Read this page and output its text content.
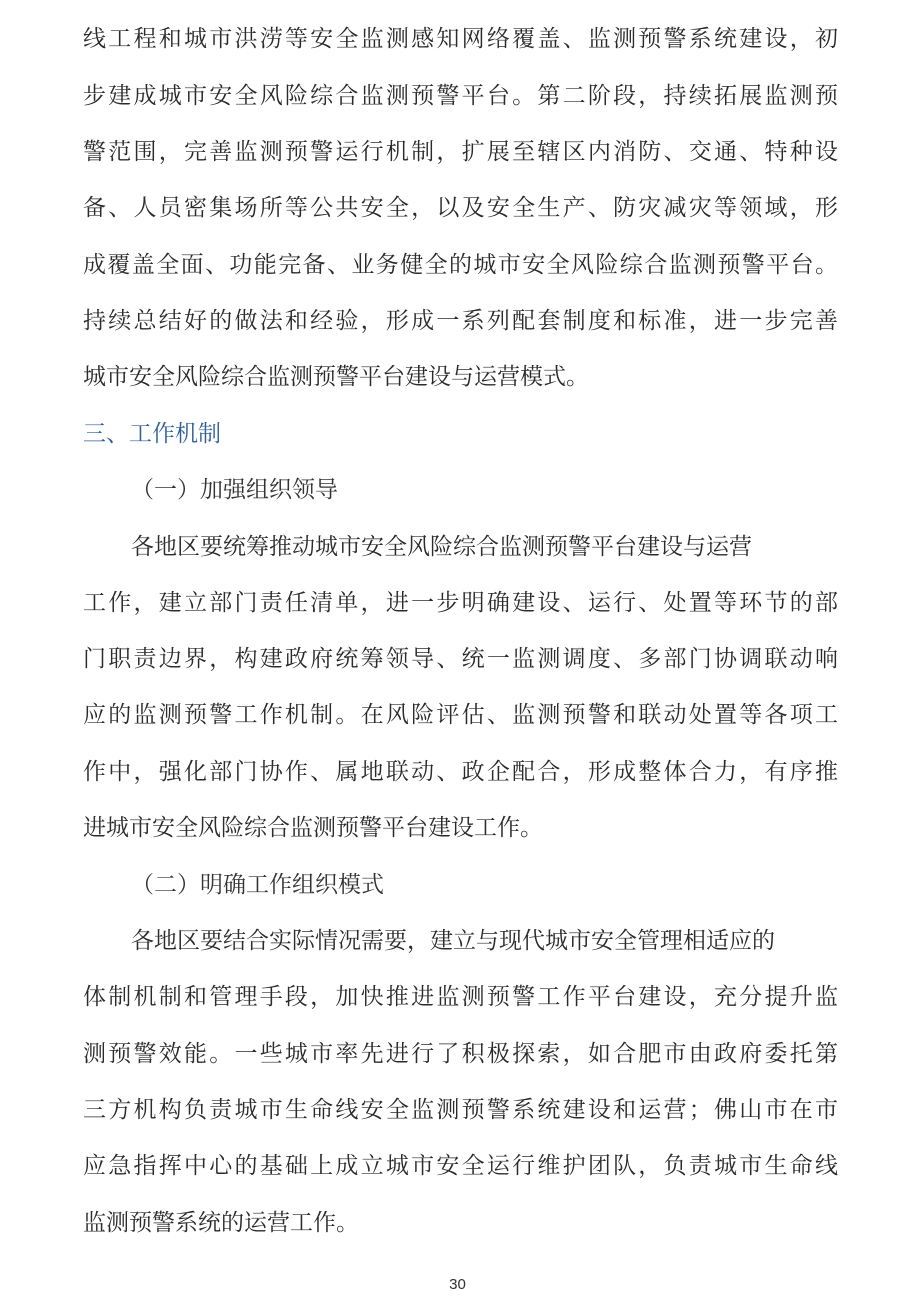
线工程和城市洪涝等安全监测感知网络覆盖、监测预警系统建设，初
步建成城市安全风险综合监测预警平台。第二阶段，持续拓展监测预
警范围，完善监测预警运行机制，扩展至辖区内消防、交通、特种设
备、人员密集场所等公共安全，以及安全生产、防灾减灾等领域，形
成覆盖全面、功能完备、业务健全的城市安全风险综合监测预警平台。
持续总结好的做法和经验，形成一系列配套制度和标准，进一步完善
城市安全风险综合监测预警平台建设与运营模式。
三、工作机制
（一）加强组织领导
各地区要统筹推动城市安全风险综合监测预警平台建设与运营
工作，建立部门责任清单，进一步明确建设、运行、处置等环节的部
门职责边界，构建政府统筹领导、统一监测调度、多部门协调联动响
应的监测预警工作机制。在风险评估、监测预警和联动处置等各项工
作中，强化部门协作、属地联动、政企配合，形成整体合力，有序推
进城市安全风险综合监测预警平台建设工作。
（二）明确工作组织模式
各地区要结合实际情况需要，建立与现代城市安全管理相适应的
体制机制和管理手段，加快推进监测预警工作平台建设，充分提升监
测预警效能。一些城市率先进行了积极探索，如合肥市由政府委托第
三方机构负责城市生命线安全监测预警系统建设和运营；佛山市在市
应急指挥中心的基础上成立城市安全运行维护团队，负责城市生命线
监测预警系统的运营工作。
30
